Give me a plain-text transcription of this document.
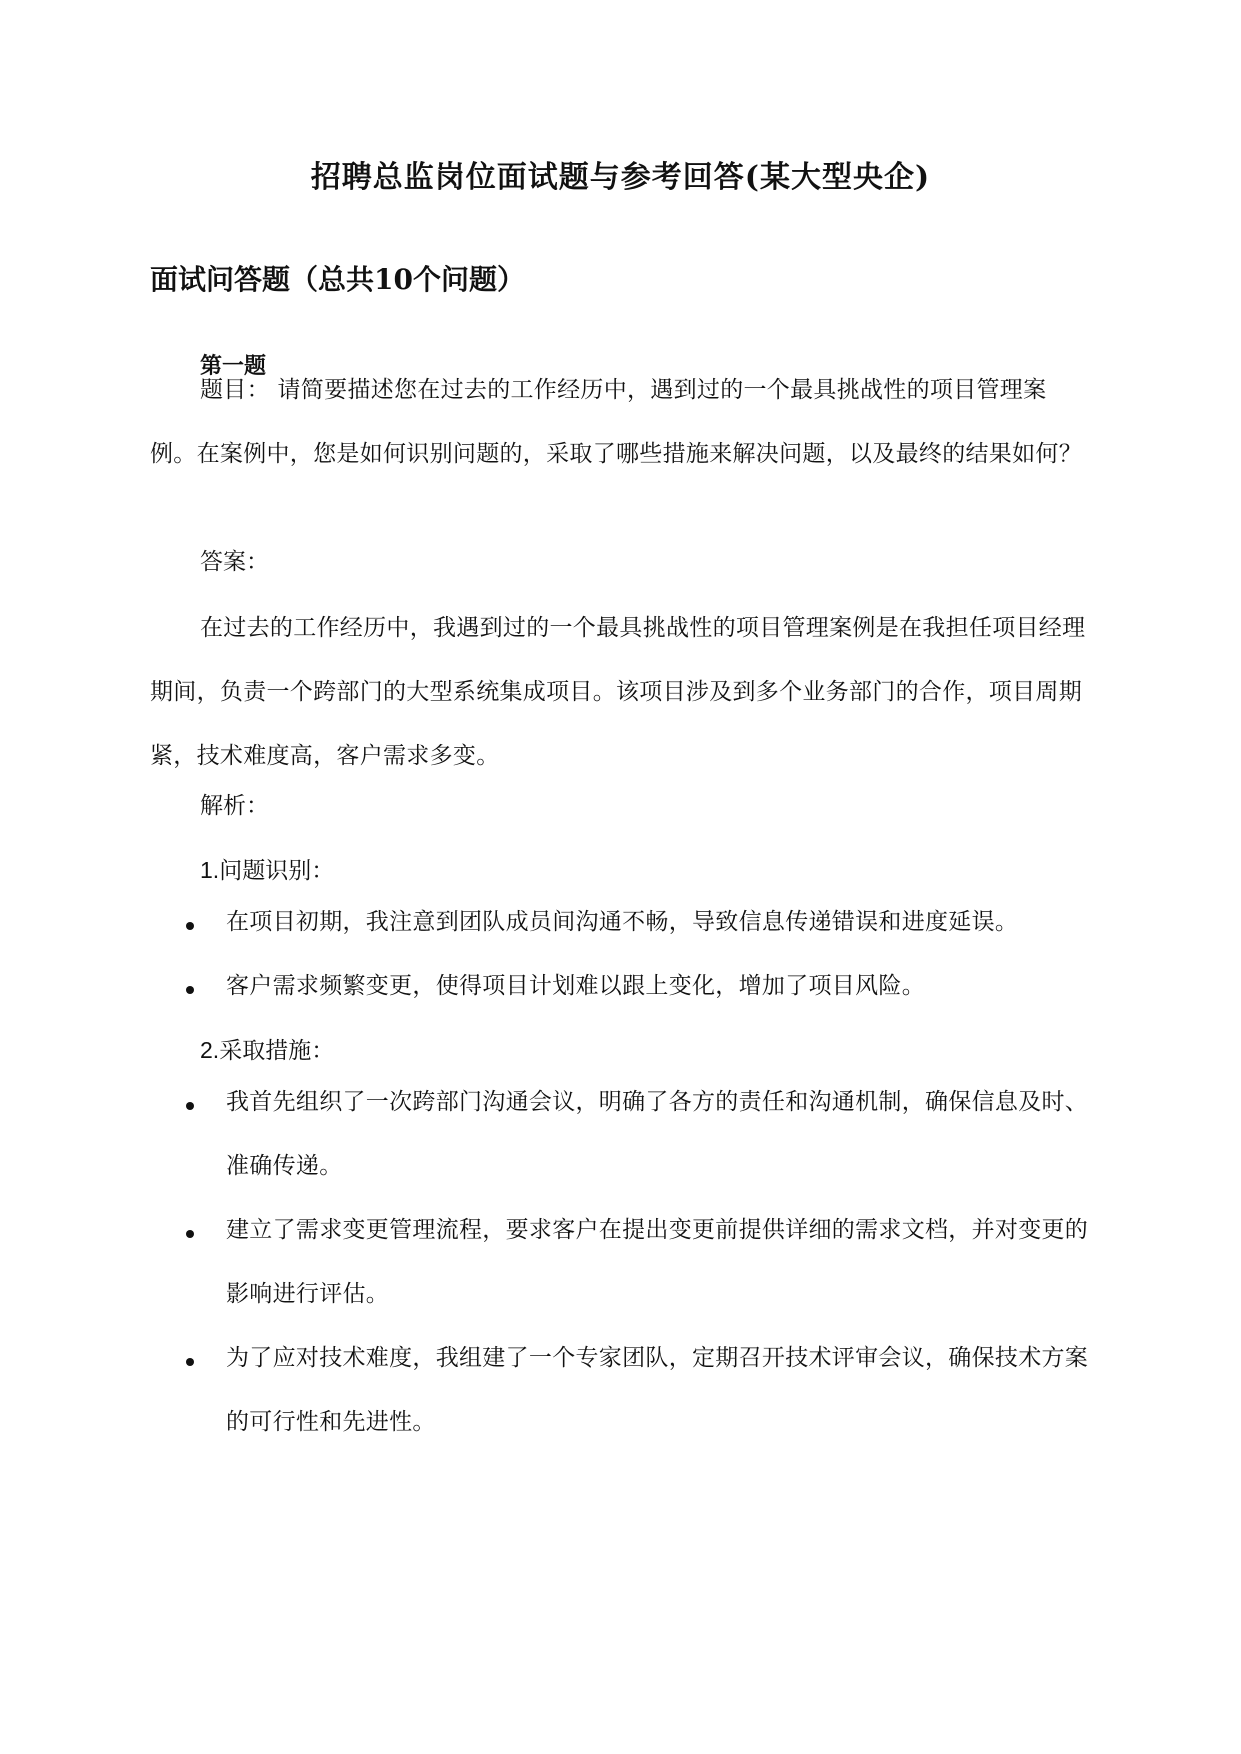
招聘总监岗位面试题与参考回答(某大型央企)
面试问答题（总共10个问题）
第一题
题目： 请简要描述您在过去的工作经历中，遇到过的一个最具挑战性的项目管理案例。在案例中，您是如何识别问题的，采取了哪些措施来解决问题，以及最终的结果如何？
答案：
在过去的工作经历中，我遇到过的一个最具挑战性的项目管理案例是在我担任项目经理期间，负责一个跨部门的大型系统集成项目。该项目涉及到多个业务部门的合作，项目周期紧，技术难度高，客户需求多变。
解析：
1.问题识别：
在项目初期，我注意到团队成员间沟通不畅，导致信息传递错误和进度延误。
客户需求频繁变更，使得项目计划难以跟上变化，增加了项目风险。
2.采取措施：
我首先组织了一次跨部门沟通会议，明确了各方的责任和沟通机制，确保信息及时、准确传递。
建立了需求变更管理流程，要求客户在提出变更前提供详细的需求文档，并对变更的影响进行评估。
为了应对技术难度，我组建了一个专家团队，定期召开技术评审会议，确保技术方案的可行性和先进性。
